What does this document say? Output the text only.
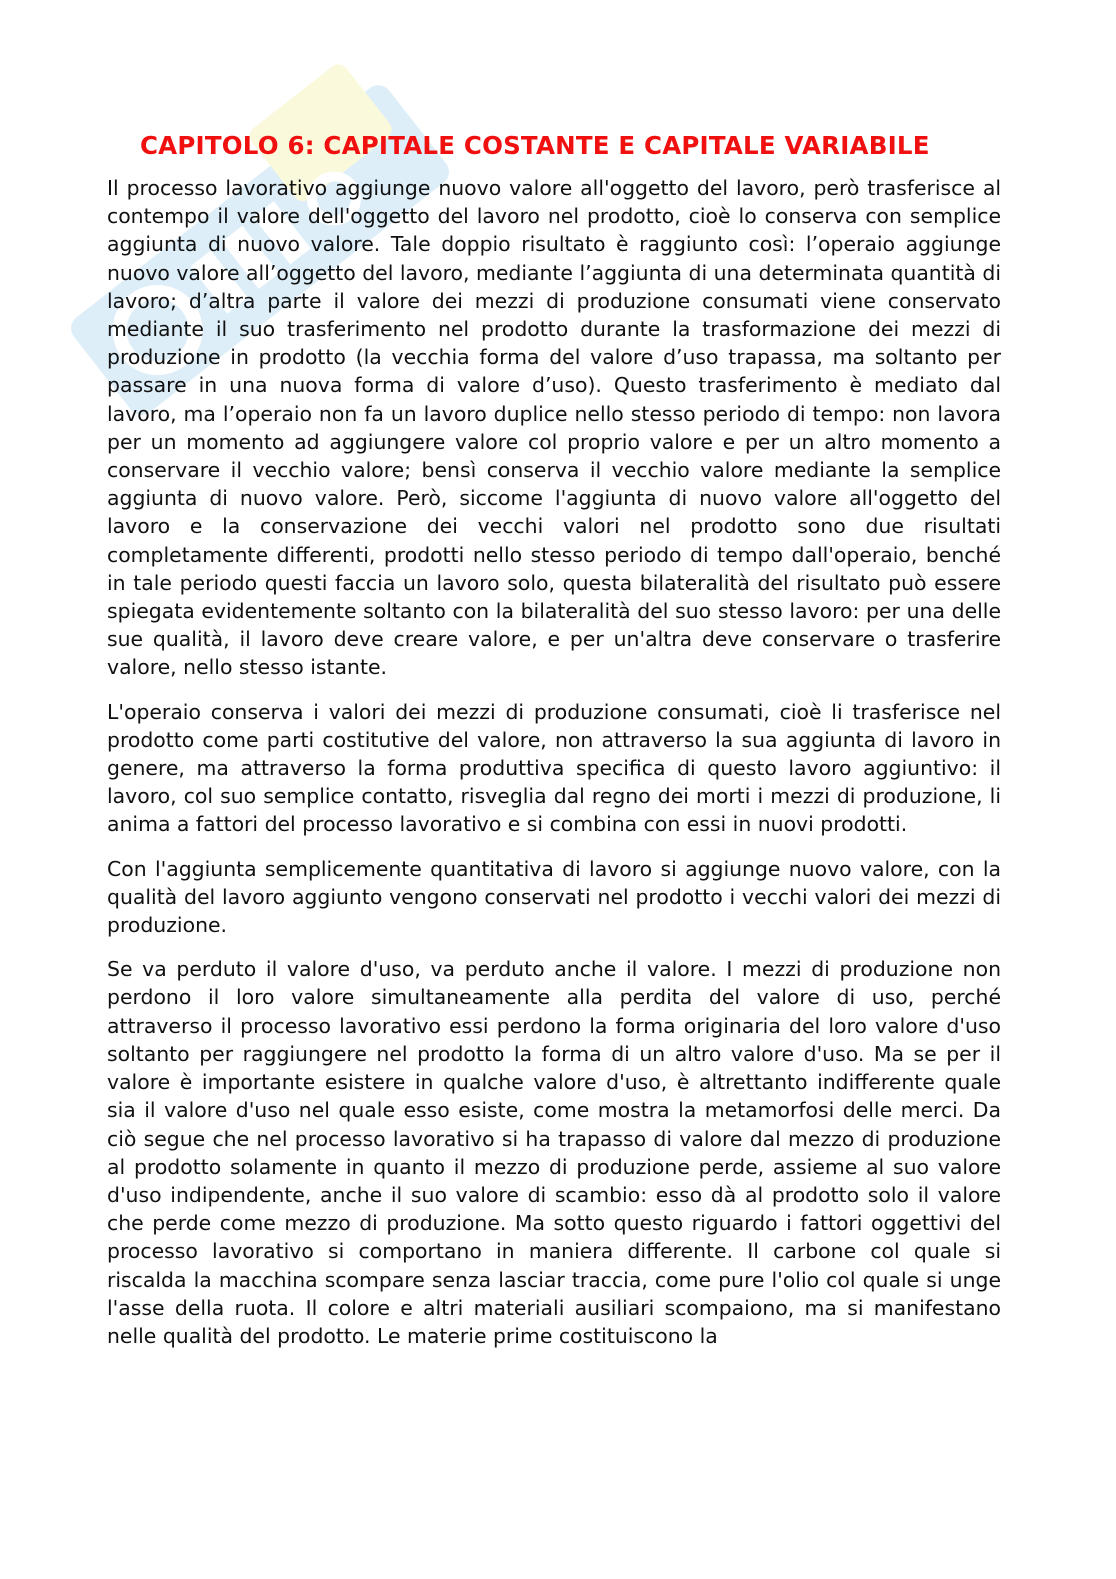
CAPITOLO 6: CAPITALE COSTANTE E CAPITALE VARIABILE

Il processo lavorativo aggiunge nuovo valore all'oggetto del lavoro, però trasferisce al contempo il valore dell'oggetto del lavoro nel prodotto, cioè lo conserva con semplice aggiunta di nuovo valore. Tale doppio risultato è raggiunto così: l’operaio aggiunge nuovo valore all’oggetto del lavoro, mediante l’aggiunta di una determinata quantità di lavoro; d’altra parte il valore dei mezzi di produzione consumati viene conservato mediante il suo trasferimento nel prodotto durante la trasformazione dei mezzi di produzione in prodotto (la vecchia forma del valore d’uso trapassa, ma soltanto per passare in una nuova forma di valore d’uso). Questo trasferimento è mediato dal lavoro, ma l’operaio non fa un lavoro duplice nello stesso periodo di tempo: non lavora per un momento ad aggiungere valore col proprio valore e per un altro momento a conservare il vecchio valore; bensì conserva il vecchio valore mediante la semplice aggiunta di nuovo valore. Però, siccome l'aggiunta di nuovo valore all'oggetto del lavoro e la conservazione dei vecchi valori nel prodotto sono due risultati completamente differenti, prodotti nello stesso periodo di tempo dall'operaio, benché in tale periodo questi faccia un lavoro solo, questa bilateralità del risultato può essere spiegata evidentemente soltanto con la bilateralità del suo stesso lavoro: per una delle sue qualità, il lavoro deve creare valore, e per un'altra deve conservare o trasferire valore, nello stesso istante.

L'operaio conserva i valori dei mezzi di produzione consumati, cioè li trasferisce nel prodotto come parti costitutive del valore, non attraverso la sua aggiunta di lavoro in genere, ma attraverso la forma produttiva specifica di questo lavoro aggiuntivo: il lavoro, col suo semplice contatto, risveglia dal regno dei morti i mezzi di produzione, li anima a fattori del processo lavorativo e si combina con essi in nuovi prodotti.

Con l'aggiunta semplicemente quantitativa di lavoro si aggiunge nuovo valore, con la qualità del lavoro aggiunto vengono conservati nel prodotto i vecchi valori dei mezzi di produzione.

Se va perduto il valore d'uso, va perduto anche il valore. I mezzi di produzione non perdono il loro valore simultaneamente alla perdita del valore di uso, perché attraverso il processo lavorativo essi perdono la forma originaria del loro valore d'uso soltanto per raggiungere nel prodotto la forma di un altro valore d'uso. Ma se per il valore è importante esistere in qualche valore d'uso, è altrettanto indifferente quale sia il valore d'uso nel quale esso esiste, come mostra la metamorfosi delle merci. Da ciò segue che nel processo lavorativo si ha trapasso di valore dal mezzo di produzione al prodotto solamente in quanto il mezzo di produzione perde, assieme al suo valore d'uso indipendente, anche il suo valore di scambio: esso dà al prodotto solo il valore che perde come mezzo di produzione. Ma sotto questo riguardo i fattori oggettivi del processo lavorativo si comportano in maniera differente. Il carbone col quale si riscalda la macchina scompare senza lasciar traccia, come pure l'olio col quale si unge l'asse della ruota. Il colore e altri materiali ausiliari scompaiono, ma si manifestano nelle qualità del prodotto. Le materie prime costituiscono la
